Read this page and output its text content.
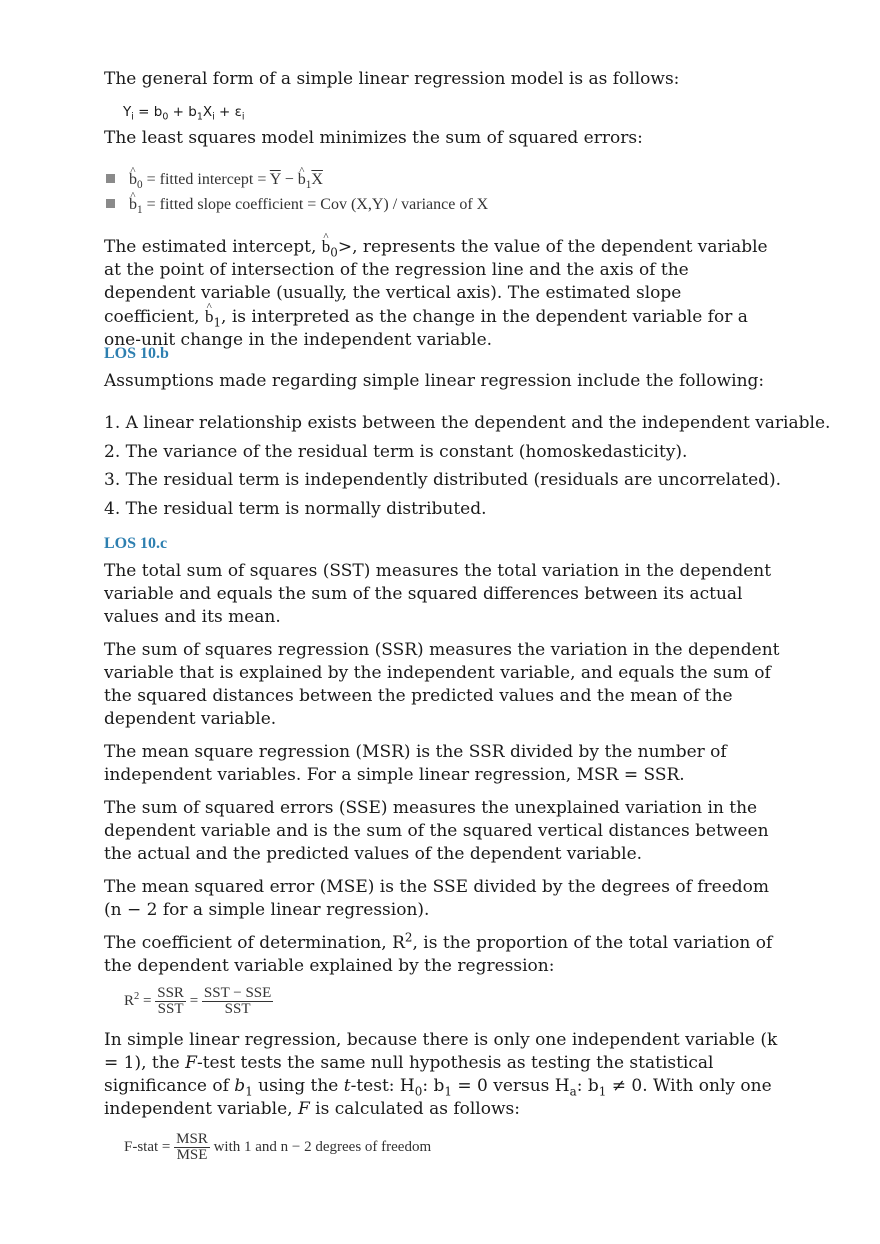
The general form of a simple linear regression model is as follows:

$Y_i = b_0 + b_1X_i + \varepsilon_i$

The least squares model minimizes the sum of squared errors:

^ $b_0$ = fitted intercept = $\overline{Y}$ − ^ $b_1\overline{X}$
^ $b_1$ = fitted slope coefficient = Cov (X,Y) / variance of X

The estimated intercept, ^ $b_0>$, represents the value of the dependent variable at the point of intersection of the regression line and the axis of the dependent variable (usually, the vertical axis). The estimated slope coefficient, ^ $b_1$, is interpreted as the change in the dependent variable for a one-unit change in the independent variable.

LOS 10.b

Assumptions made regarding simple linear regression include the following:

1. A linear relationship exists between the dependent and the independent variable.
2. The variance of the residual term is constant (homoskedasticity).
3. The residual term is independently distributed (residuals are uncorrelated).
4. The residual term is normally distributed.
LOS 10.c

The total sum of squares (SST) measures the total variation in the dependent variable and equals the sum of the squared differences between its actual values and its mean.

The sum of squares regression (SSR) measures the variation in the dependent variable that is explained by the independent variable, and equals the sum of the squared distances between the predicted values and the mean of the dependent variable.

The mean square regression (MSR) is the SSR divided by the number of independent variables. For a simple linear regression, MSR = SSR.

The sum of squared errors (SSE) measures the unexplained variation in the dependent variable and is the sum of the squared vertical distances between the actual and the predicted values of the dependent variable.

The mean squared error (MSE) is the SSE divided by the degrees of freedom (n − 2 for a simple linear regression).

The coefficient of determination, $R^2$, is the proportion of the total variation of the dependent variable explained by the regression:

$R^2 = \frac{\text{SSR}}{\text{SST}} = \frac{\text{SST − SSE}}{\text{SST}}$

In simple linear regression, because there is only one independent variable (k = 1), the F-test tests the same null hypothesis as testing the statistical significance of $b_1$ using the t-test: $H_0$: $b_1 = 0$ versus $H_a$: $b_1 \ne 0$. With only one independent variable, F is calculated as follows:

F-stat = $\frac{\text{MSR}}{\text{MSE}}$ with 1 and n − 2 degrees of freedom
